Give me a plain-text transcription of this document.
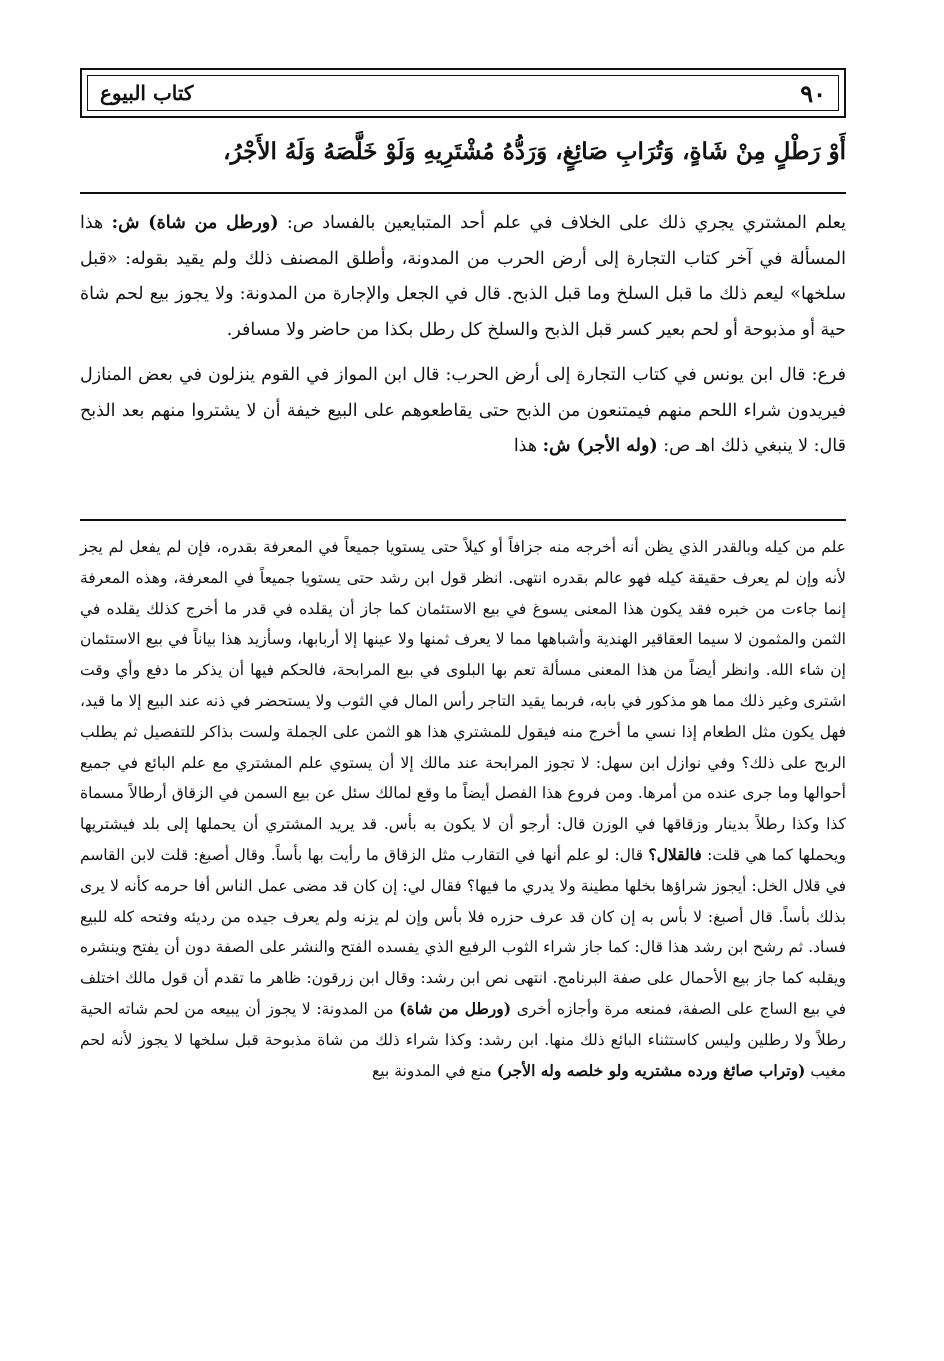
كتاب البيوع	٩٠
أَوْ رَطْلٍ مِنْ شَاةٍ، وَتُرَابِ صَائِغٍ، وَرَدُّهُ مُشْتَرِيهِ وَلَوْ خَلَّصَهُ وَلَهُ الأَجْرُ،

يعلم المشتري يجري ذلك على الخلاف في علم أحد المتبايعين بالفساد ص: (ورطل من شاة) ش: هذا المسألة في آخر كتاب التجارة إلى أرض الحرب من المدونة، وأطلق المصنف ذلك ولم يقيد بقوله: «قبل سلخها» ليعم ذلك ما قبل السلخ وما قبل الذبح. قال في الجعل والإجارة من المدونة: ولا يجوز بيع لحم شاة حية أو مذبوحة أو لحم بعير كسر قبل الذبح والسلخ كل رطل بكذا من حاضر ولا مسافر.

فرع: قال ابن يونس في كتاب التجارة إلى أرض الحرب: قال ابن المواز في القوم ينزلون في بعض المنازل فيريدون شراء اللحم منهم فيمتنعون من الذبح حتى يقاطعوهم على البيع خيفة أن لا يشتروا منهم بعد الذبح قال: لا ينبغي ذلك اهـ ص: (وله الأجر) ش: هذا

علم من كيله وبالقدر الذي يظن أنه أخرجه منه جزافاً أو كيلاً حتى يستويا جميعاً في المعرفة بقدره، فإن لم يفعل لم يجز لأنه وإن لم يعرف حقيقة كيله فهو عالم بقدره انتهى. انظر قول ابن رشد حتى يستويا جميعاً في المعرفة، وهذه المعرفة إنما جاءت من خبره فقد يكون هذا المعنى يسوغ في بيع الاستئمان كما جاز أن يقلده في قدر ما أخرج كذلك يقلده في الثمن والمثمون لا سيما العقاقير الهندية وأشباهها مما لا يعرف ثمنها ولا عينها إلا أربابها، وسأزيد هذا بياناً في بيع الاستئمان إن شاء الله. وانظر أيضاً من هذا المعنى مسألة تعم بها البلوى في بيع المرابحة، فالحكم فيها أن يذكر ما دفع وأي وقت اشترى وغير ذلك مما هو مذكور في بابه، فربما يقيد التاجر رأس المال في الثوب ولا يستحضر في ذنه عند البيع إلا ما قيد، فهل يكون مثل الطعام إذا نسي ما أخرج منه فيقول للمشتري هذا هو الثمن على الجملة ولست بذاكر للتفصيل ثم يطلب الربح على ذلك؟ وفي نوازل ابن سهل: لا تجوز المرابحة عند مالك إلا أن يستوي علم المشتري مع علم البائع في جميع أحوالها وما جرى عنده من أمرها. ومن فروع هذا الفصل أيضاً ما وقع لمالك سئل عن بيع السمن في الزقاق أرطالاً مسماة كذا وكذا رطلاً بدينار وزقاقها في الوزن قال: أرجو أن لا يكون به بأس. قد يريد المشتري أن يحملها إلى بلد فيشتريها ويحملها كما هي قلت: فالقلال؟ قال: لو علم أنها في التقارب مثل الزقاق ما رأيت بها بأساً. وقال أصبغ: قلت لابن القاسم في قلال الخل: أيجوز شراؤها بخلها مطينة ولا يدري ما فيها؟ فقال لي: إن كان قد مضى عمل الناس أفا حرمه كأنه لا يرى بذلك بأساً. قال أصبغ: لا بأس به إن كان قد عرف حزره فلا بأس وإن لم يزنه ولم يعرف جيده من رديئه وفتحه كله للبيع فساد. ثم رشح ابن رشد هذا قال: كما جاز شراء الثوب الرفيع الذي يفسده الفتح والنشر على الصفة دون أن يفتح وينشره ويقلبه كما جاز بيع الأحمال على صفة البرنامج. انتهى نص ابن رشد: وقال ابن زرقون: ظاهر ما تقدم أن قول مالك اختلف في بيع الساج على الصفة، فمنعه مرة وأجازه أخرى (ورطل من شاة) من المدونة: لا يجوز أن يبيعه من لحم شاته الحية رطلاً ولا رطلين وليس كاستثناء البائع ذلك منها. ابن رشد: وكذا شراء ذلك من شاة مذبوحة قبل سلخها لا يجوز لأنه لحم مغيب (وتراب صائغ ورده مشتريه ولو خلصه وله الأجر) منع في المدونة بيع
